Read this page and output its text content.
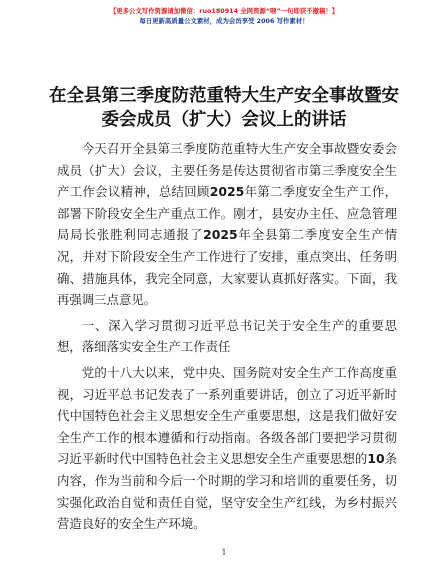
【更多公文写作资源请加微信：ruo180914 全网资源“喂”一句即获不撤稿！】
每日更新高质量公文素材，成为会员享受 2006 写作素材！
在全县第三季度防范重特大生产安全事故暨安
委会成员（扩大）会议上的讲话

今天召开全县第三季度防范重特大生产安全事故暨安委会成员（扩大）会议，主要任务是传达贯彻省市第三季度安全生产工作会议精神，总结回顾2025年第二季度安全生产工作，部署下阶段安全生产重点工作。刚才，县安办主任、应急管理局局长张胜利同志通报了2025年全县第二季度安全生产情况，并对下阶段安全生产工作进行了安排，重点突出、任务明确、措施具体，我完全同意，大家要认真抓好落实。下面，我再强调三点意见。

一、深入学习贯彻习近平总书记关于安全生产的重要思想，落细落实安全生产工作责任

党的十八大以来，党中央、国务院对安全生产工作高度重视，习近平总书记发表了一系列重要讲话，创立了习近平新时代中国特色社会主义思想安全生产重要思想，这是我们做好安全生产工作的根本遵循和行动指南。各级各部门要把学习贯彻习近平新时代中国特色社会主义思想安全生产重要思想的10条内容，作为当前和今后一个时期的学习和培训的重要任务，切实强化政治自觉和责任自觉，坚守安全生产红线，为乡村振兴营造良好的安全生产环境。

1
